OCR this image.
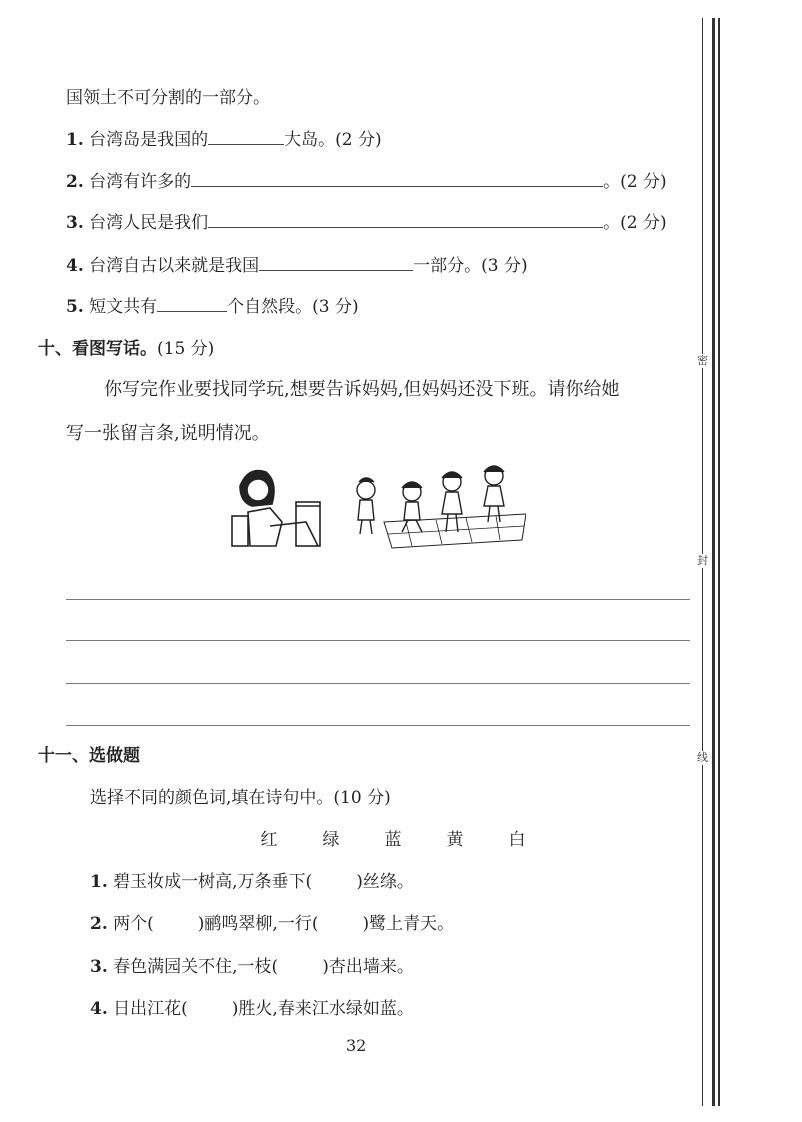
国领土不可分割的一部分。
1. 台湾岛是我国的	大岛。(2 分)
2. 台湾有许多的	。(2 分)
3. 台湾人民是我们	。(2 分)
4. 台湾自古以来就是我国	一部分。(3 分)
5. 短文共有	个自然段。(3 分)
十、看图写话。(15 分)
你写完作业要找同学玩,想要告诉妈妈,但妈妈还没下班。请你给她
写一张留言条,说明情况。
十一、选做题
选择不同的颜色词,填在诗句中。(10 分)
红	绿	蓝	黄	白
1. 碧玉妆成一树高,万条垂下(	)丝绦。
2. 两个(	)鹂鸣翠柳,一行(	)鹭上青天。
3. 春色满园关不住,一枝(	)杏出墙来。
4. 日出江花(	)胜火,春来江水绿如蓝。
32
密
封
线
